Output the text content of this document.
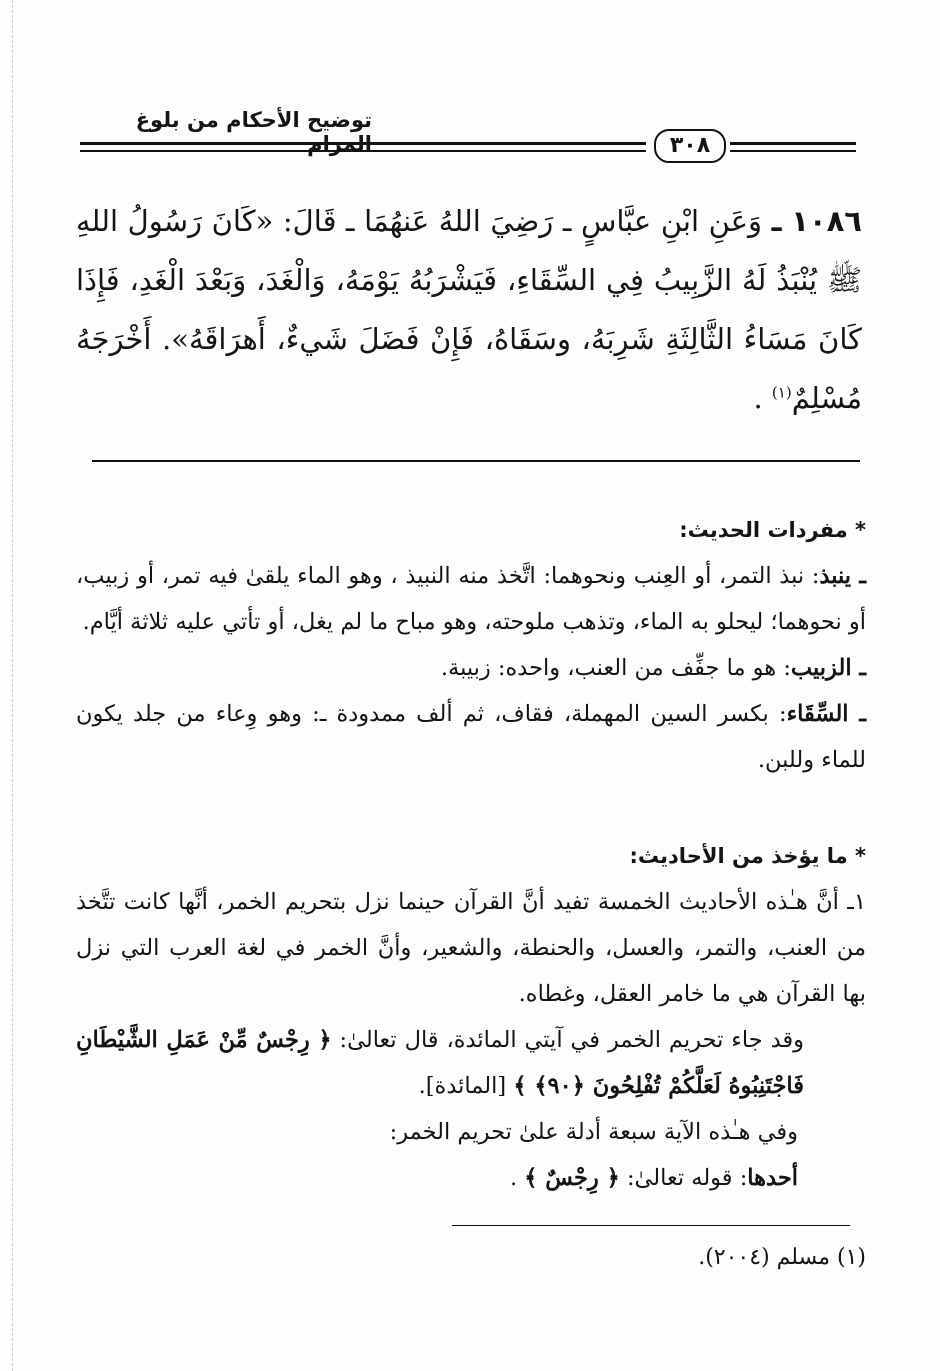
توضيح الأحكام من بلوغ المرام	٣٠٨
١٠٨٦ ـ وَعَنِ ابْنِ عبَّاسٍ ـ رَضِيَ اللهُ عَنهُمَا ـ قَالَ: «كَانَ رَسُولُ اللهِ ﷺ يُنْبَذُ لَهُ الزَّبِيبُ فِي السِّقَاءِ، فَيَشْرَبُهُ يَوْمَهُ، وَالْغَدَ، وَبَعْدَ الْغَدِ، فَإِذَا كَانَ مَسَاءُ الثَّالِثَةِ شَرِبَهُ، وسَقَاهُ، فَإِنْ فَضَلَ شَيءٌ، أَهرَاقَهُ». أَخْرَجَهُ مُسْلِمٌ$^{(١)}$ .
* مفردات الحديث:
ـ ينبذ: نبذ التمر، أو العِنب ونحوهما: اتَّخذ منه النبيذ ، وهو الماء يلقىٰ فيه تمر، أو زبيب، أو نحوهما؛ ليحلو به الماء، وتذهب ملوحته، وهو مباح ما لم يغل، أو تأتي عليه ثلاثة أيَّام.
ـ الزبيب: هو ما جفِّف من العنب، واحده: زبيبة.
ـ السِّقَاء: بكسر السين المهملة، فقاف، ثم ألف ممدودة ـ: وهو وِعاء من جلد يكون للماء وللبن.
* ما يؤخذ من الأحاديث:
١ـ أنَّ هـٰذه الأحاديث الخمسة تفيد أنَّ القرآن حينما نزل بتحريم الخمر، أنَّها كانت تتَّخذ من العنب، والتمر، والعسل، والحنطة، والشعير، وأنَّ الخمر في لغة العرب التي نزل بها القرآن هي ما خامر العقل، وغطاه.
وقد جاء تحريم الخمر في آيتي المائدة، قال تعالىٰ: ﴿ رِجْسٌ مِّنْ عَمَلِ الشَّيْطَانِ فَاجْتَنِبُوهُ لَعَلَّكُمْ تُفْلِحُونَ ﴿٩٠﴾ ﴾ [المائدة].
وفي هـٰذه الآية سبعة أدلة علىٰ تحريم الخمر:
أحدها: قوله تعالىٰ: ﴿ رِجْسٌ ﴾ .
(١) مسلم (٢٠٠٤).
